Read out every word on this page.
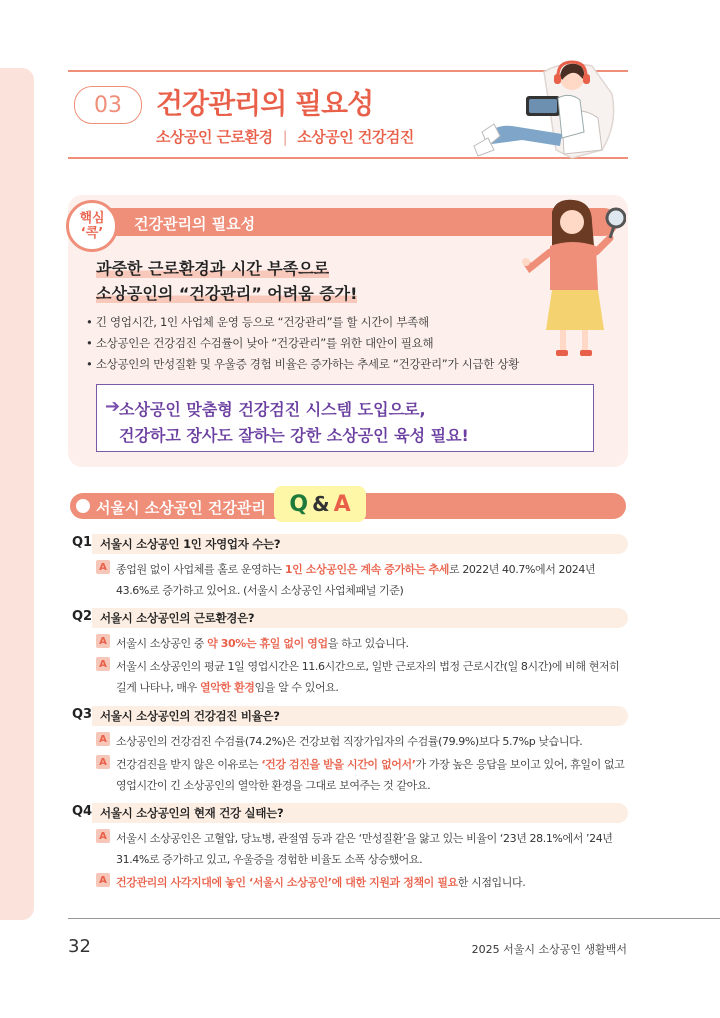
03	건강관리의 필요성
소상공인 근로환경 | 소상공인 건강검진
핵심
‘콕’
건강관리의 필요성
과중한 근로환경과 시간 부족으로
소상공인의 “건강관리” 어려움 증가!
• 긴 영업시간, 1인 사업체 운영 등으로 “건강관리”를 할 시간이 부족해
• 소상공인은 건강검진 수검률이 낮아 “건강관리”를 위한 대안이 필요해
• 소상공인의 만성질환 및 우울증 경험 비율은 증가하는 추세로 “건강관리”가 시급한 상황
➔
소상공인 맞춤형 건강검진 시스템 도입으로,
건강하고 장사도 잘하는 강한 소상공인 육성 필요!
서울시 소상공인 건강관리 Q & A
Q1 서울시 소상공인 1인 자영업자 수는?
A 종업원 없이 사업체를 홀로 운영하는 1인 소상공인은 계속 증가하는 추세로 2022년 40.7%에서 2024년 43.6%로 증가하고 있어요. (서울시 소상공인 사업체패널 기준)
Q2 서울시 소상공인의 근로환경은?
A 서울시 소상공인 중 약 30%는 휴일 없이 영업을 하고 있습니다.
A 서울시 소상공인의 평균 1일 영업시간은 11.6시간으로, 일반 근로자의 법정 근로시간(일 8시간)에 비해 현저히 길게 나타나, 매우 열악한 환경임을 알 수 있어요.
Q3 서울시 소상공인의 건강검진 비율은?
A 소상공인의 건강검진 수검률(74.2%)은 건강보험 직장가입자의 수검률(79.9%)보다 5.7%p 낮습니다.
A 건강검진을 받지 않은 이유로는 ‘건강 검진을 받을 시간이 없어서’가 가장 높은 응답을 보이고 있어, 휴일이 없고 영업시간이 긴 소상공인의 열악한 환경을 그대로 보여주는 것 같아요.
Q4 서울시 소상공인의 현재 건강 실태는?
A 서울시 소상공인은 고혈압, 당뇨병, 관절염 등과 같은 ‘만성질환’을 앓고 있는 비율이 ‘23년 28.1%에서 ’24년 31.4%로 증가하고 있고, 우울증을 경험한 비율도 소폭 상승했어요.
A 건강관리의 사각지대에 놓인 ‘서울시 소상공인’에 대한 지원과 정책이 필요한 시점입니다.
32	2025 서울시 소상공인 생활백서
